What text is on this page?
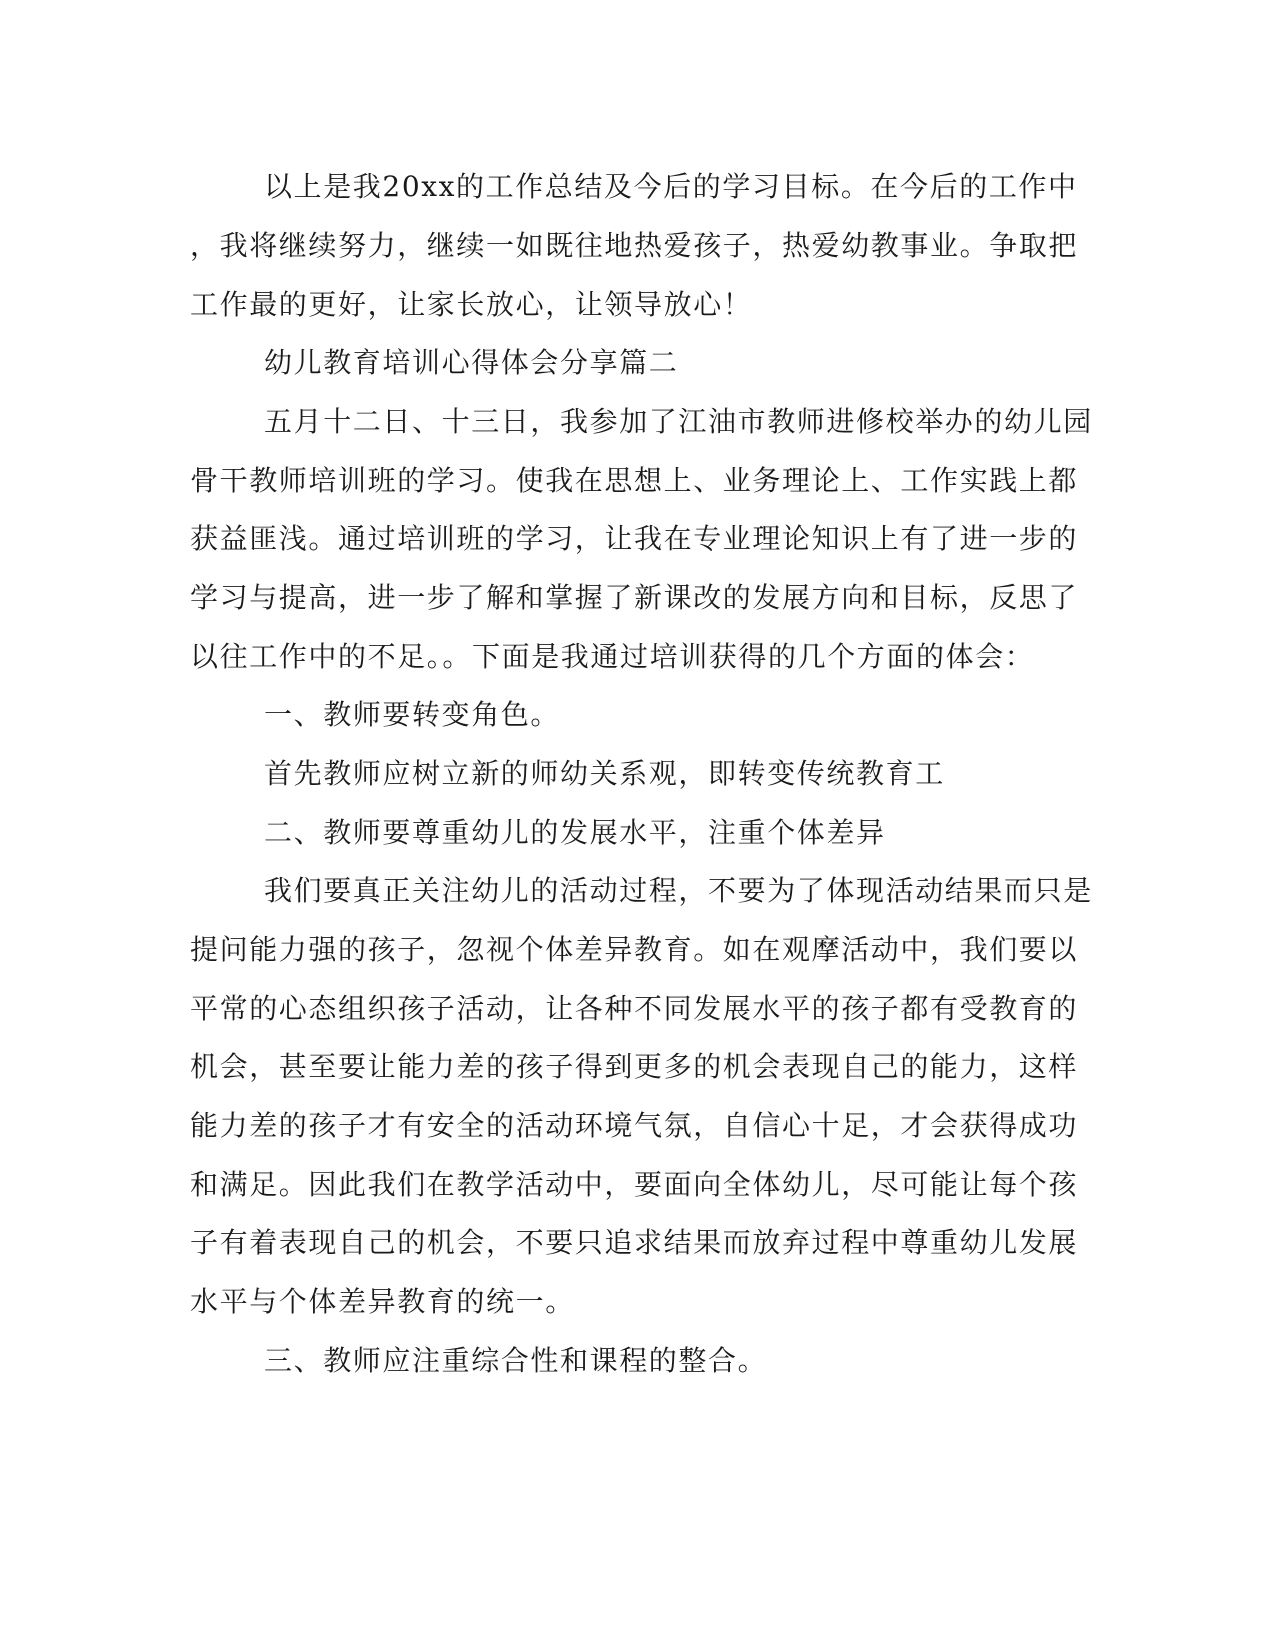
以上是我20xx的工作总结及今后的学习目标。在今后的工作中
，我将继续努力，继续一如既往地热爱孩子，热爱幼教事业。争取把
工作最的更好，让家长放心，让领导放心！
幼儿教育培训心得体会分享篇二
五月十二日、十三日，我参加了江油市教师进修校举办的幼儿园
骨干教师培训班的学习。使我在思想上、业务理论上、工作实践上都
获益匪浅。通过培训班的学习，让我在专业理论知识上有了进一步的
学习与提高，进一步了解和掌握了新课改的发展方向和目标，反思了
以往工作中的不足。。下面是我通过培训获得的几个方面的体会：
一、教师要转变角色。
首先教师应树立新的师幼关系观，即转变传统教育工
二、教师要尊重幼儿的发展水平，注重个体差异
我们要真正关注幼儿的活动过程，不要为了体现活动结果而只是
提问能力强的孩子，忽视个体差异教育。如在观摩活动中，我们要以
平常的心态组织孩子活动，让各种不同发展水平的孩子都有受教育的
机会，甚至要让能力差的孩子得到更多的机会表现自己的能力，这样
能力差的孩子才有安全的活动环境气氛，自信心十足，才会获得成功
和满足。因此我们在教学活动中，要面向全体幼儿，尽可能让每个孩
子有着表现自己的机会，不要只追求结果而放弃过程中尊重幼儿发展
水平与个体差异教育的统一。
三、教师应注重综合性和课程的整合。
